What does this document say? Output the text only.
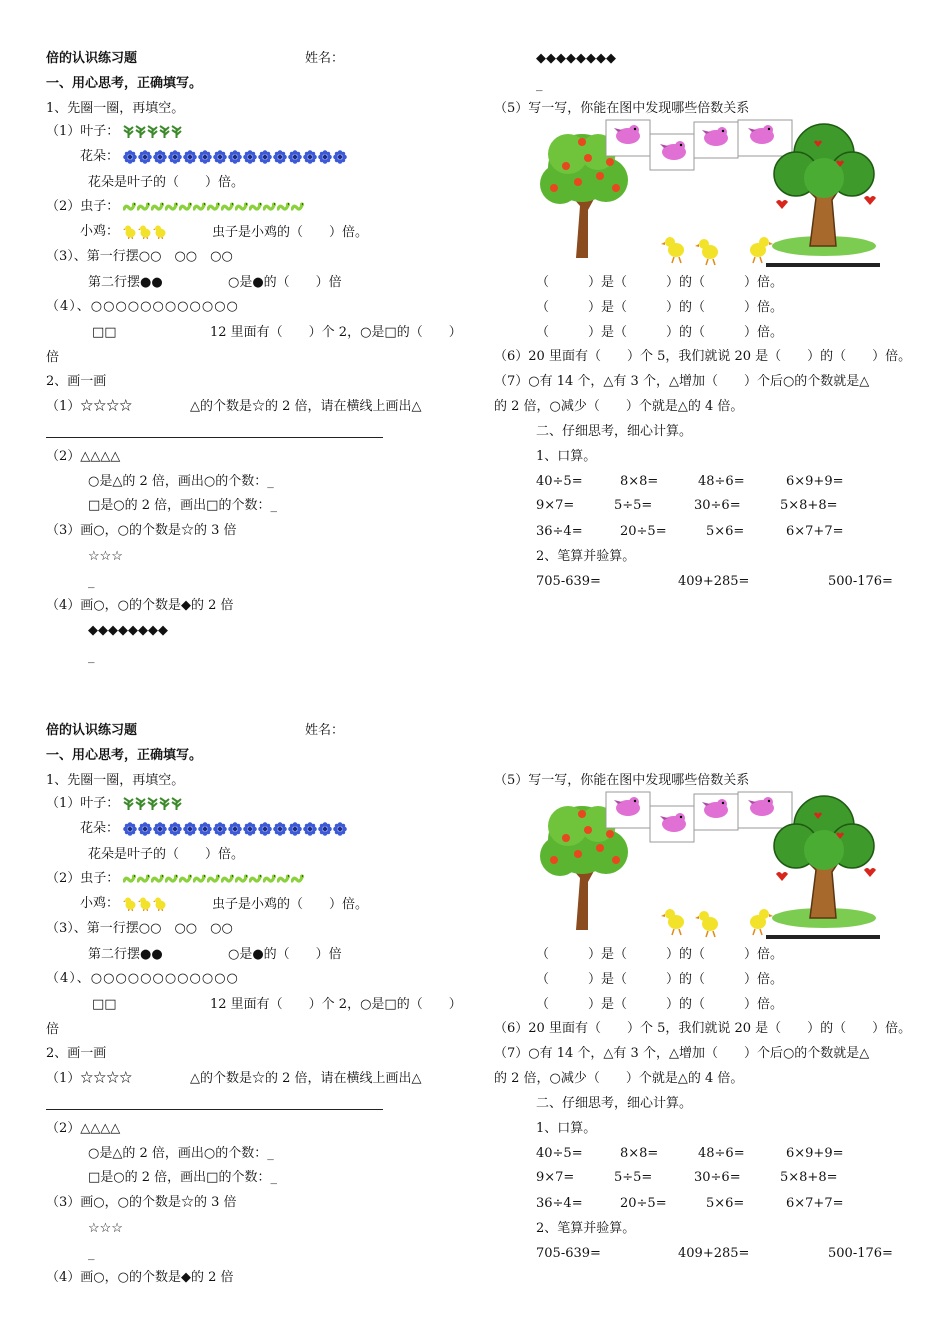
倍的认识练习题	姓名：
一、用心思考，正确填写。
1、先圈一圈，再填空。
（1）叶子：
花朵：
花朵是叶子的（　　）倍。
（2）虫子：
小鸡：	虫子是小鸡的（　　）倍。
（3）、第一行摆○○　○○　○○
第二行摆●●	○是●的（　　）倍
（4）、○○○○○○○○○○○○
□□	12 里面有（　　）个 2，○是□的（　　）
倍
2、画一画
（1）☆☆☆☆	△的个数是☆的 2 倍，请在横线上画出△
（2）△△△△
○是△的 2 倍，画出○的个数：_
□是○的 2 倍，画出□的个数：_
（3）画○，○的个数是☆的 3 倍
☆☆☆
_
（4）画○，○的个数是◆的 2 倍
◆◆◆◆◆◆◆◆
_
◆◆◆◆◆◆◆◆
_
（5）写一写，你能在图中发现哪些倍数关系
（　　　）是（　　　）的（　　　）倍。
（　　　）是（　　　）的（　　　）倍。
（　　　）是（　　　）的（　　　）倍。
（6）20 里面有（　　）个 5，我们就说 20 是（　　）的（　　）倍。
（7）○有 14 个，△有 3 个，△增加（　　）个后○的个数就是△
的 2 倍，○减少（　　）个就是△的 4 倍。
二、仔细思考，细心计算。
1、口算。
40÷5=	8×8=	48÷6=	6×9+9=
9×7=	5÷5=	30÷6=	5×8+8=
36÷4=	20÷5=	5×6=	6×7+7=
2、笔算并验算。
705-639=	409+285=	500-176=
倍的认识练习题	姓名：
一、用心思考，正确填写。
1、先圈一圈，再填空。
（1）叶子：
花朵：
花朵是叶子的（　　）倍。
（2）虫子：
小鸡：	虫子是小鸡的（　　）倍。
（3）、第一行摆○○　○○　○○
第二行摆●●	○是●的（　　）倍
（4）、○○○○○○○○○○○○
□□	12 里面有（　　）个 2，○是□的（　　）
倍
2、画一画
（1）☆☆☆☆	△的个数是☆的 2 倍，请在横线上画出△
（2）△△△△
○是△的 2 倍，画出○的个数：_
□是○的 2 倍，画出□的个数：_
（3）画○，○的个数是☆的 3 倍
☆☆☆
_
（4）画○，○的个数是◆的 2 倍
（5）写一写，你能在图中发现哪些倍数关系
（　　　）是（　　　）的（　　　）倍。
（　　　）是（　　　）的（　　　）倍。
（　　　）是（　　　）的（　　　）倍。
（6）20 里面有（　　）个 5，我们就说 20 是（　　）的（　　）倍。
（7）○有 14 个，△有 3 个，△增加（　　）个后○的个数就是△
的 2 倍，○减少（　　）个就是△的 4 倍。
二、仔细思考，细心计算。
1、口算。
40÷5=	8×8=	48÷6=	6×9+9=
9×7=	5÷5=	30÷6=	5×8+8=
36÷4=	20÷5=	5×6=	6×7+7=
2、笔算并验算。
705-639=	409+285=	500-176=
